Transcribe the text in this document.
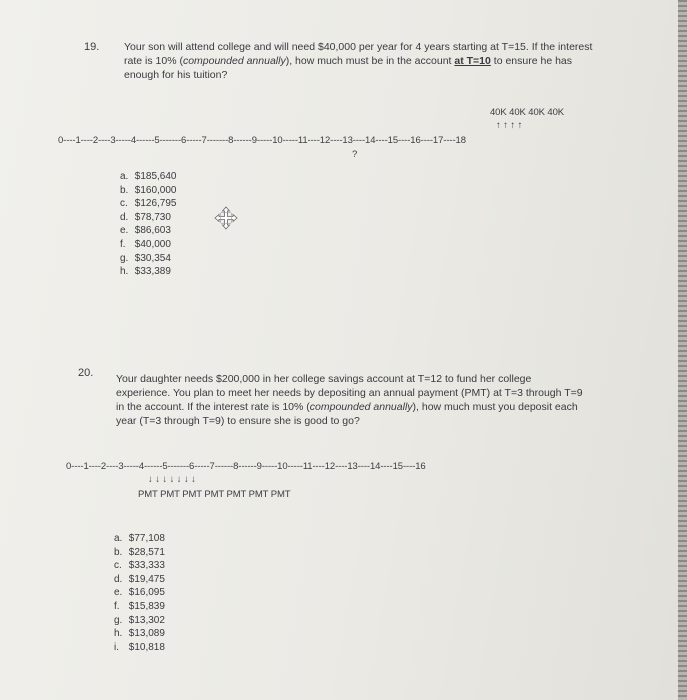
19. Your son will attend college and will need $40,000 per year for 4 years starting at T=15. If the interest rate is 10% (compounded annually), how much must be in the account at T=10 to ensure he has enough for his tuition?
40K 40K 40K 40K
↑ ↑ ↑ ↑
0----1----2----3-----4------5-------6-----7-------8------9-----10-----11----12----13----14----15----16----17----18
?
a. $185,640
b. $160,000
c. $126,795
d. $78,730
e. $86,603
f. $40,000
g. $30,354
h. $33,389
20. Your daughter needs $200,000 in her college savings account at T=12 to fund her college experience. You plan to meet her needs by depositing an annual payment (PMT) at T=3 through T=9 in the account. If the interest rate is 10% (compounded annually), how much must you deposit each year (T=3 through T=9) to ensure she is good to go?
0----1----2----3-----4------5-------6-----7------8------9-----10-----11----12----13----14----15----16
↓ ↓ ↓ ↓ ↓ ↓ ↓
PMT PMT PMT PMT PMT PMT PMT
a. $77,108
b. $28,571
c. $33,333
d. $19,475
e. $16,095
f. $15,839
g. $13,302
h. $13,089
i. $10,818
